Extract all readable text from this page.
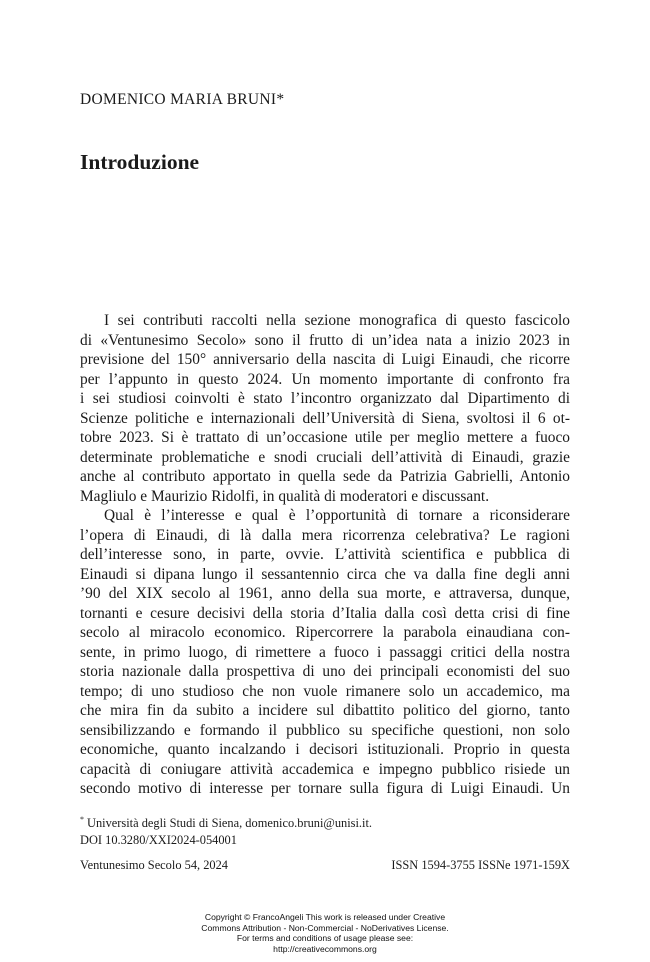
DOMENICO MARIA BRUNI*
Introduzione
I sei contributi raccolti nella sezione monografica di questo fascicolo
di «Ventunesimo Secolo» sono il frutto di un’idea nata a inizio 2023 in
previsione del 150° anniversario della nascita di Luigi Einaudi, che ricorre
per l’appunto in questo 2024. Un momento importante di confronto fra
i sei studiosi coinvolti è stato l’incontro organizzato dal Dipartimento di
Scienze politiche e internazionali dell’Università di Siena, svoltosi il 6 ot-
tobre 2023. Si è trattato di un’occasione utile per meglio mettere a fuoco
determinate problematiche e snodi cruciali dell’attività di Einaudi, grazie
anche al contributo apportato in quella sede da Patrizia Gabrielli, Antonio
Magliulo e Maurizio Ridolfi, in qualità di moderatori e discussant.
Qual è l’interesse e qual è l’opportunità di tornare a riconsiderare
l’opera di Einaudi, di là dalla mera ricorrenza celebrativa? Le ragioni
dell’interesse sono, in parte, ovvie. L’attività scientifica e pubblica di
Einaudi si dipana lungo il sessantennio circa che va dalla fine degli anni
’90 del XIX secolo al 1961, anno della sua morte, e attraversa, dunque,
tornanti e cesure decisivi della storia d’Italia dalla così detta crisi di fine
secolo al miracolo economico. Ripercorrere la parabola einaudiana con-
sente, in primo luogo, di rimettere a fuoco i passaggi critici della nostra
storia nazionale dalla prospettiva di uno dei principali economisti del suo
tempo; di uno studioso che non vuole rimanere solo un accademico, ma
che mira fin da subito a incidere sul dibattito politico del giorno, tanto
sensibilizzando e formando il pubblico su specifiche questioni, non solo
economiche, quanto incalzando i decisori istituzionali. Proprio in questa
capacità di coniugare attività accademica e impegno pubblico risiede un
secondo motivo di interesse per tornare sulla figura di Luigi Einaudi. Un
* Università degli Studi di Siena, domenico.bruni@unisi.it.
DOI 10.3280/XXI2024-054001
Ventunesimo Secolo 54, 2024	ISSN 1594-3755 ISSNe 1971-159X
Copyright © FrancoAngeli This work is released under Creative
Commons Attribution - Non-Commercial - NoDerivatives License.
For terms and conditions of usage please see:
http://creativecommons.org
